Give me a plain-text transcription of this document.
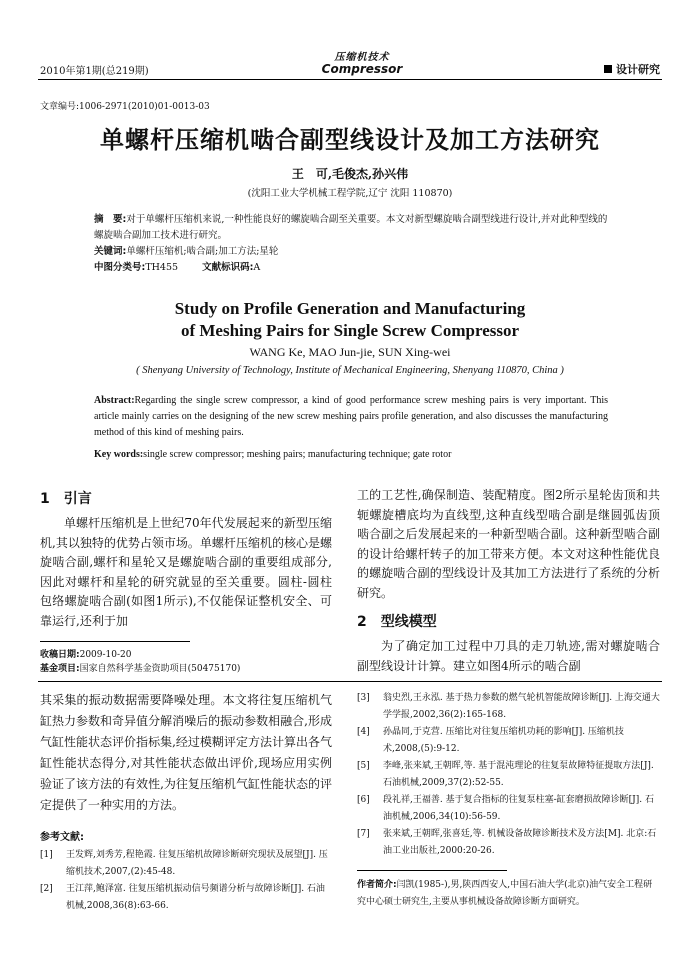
2010年第1期(总219期)
压缩机技术
Compressor	设计研究
文章编号:1006-2971(2010)01-0013-03
单螺杆压缩机啮合副型线设计及加工方法研究
王　可,毛俊杰,孙兴伟
(沈阳工业大学机械工程学院,辽宁 沈阳 110870)
摘　要:对于单螺杆压缩机来说,一种性能良好的螺旋啮合副至关重要。本文对新型螺旋啮合副型线进行设计,并对此种型线的螺旋啮合副加工技术进行研究。
关键词:单螺杆压缩机;啮合副;加工方法;星轮
中图分类号:TH455	文献标识码:A
Study on Profile Generation and Manufacturing
of Meshing Pairs for Single Screw Compressor
WANG Ke, MAO Jun-jie, SUN Xing-wei
( Shenyang University of Technology, Institute of Mechanical Engineering, Shenyang 110870, China )
Abstract:Regarding the single screw compressor, a kind of good performance screw meshing pairs is very important. This article mainly carries on the designing of the new screw meshing pairs profile generation, and also discusses the manufacturing method of this kind of meshing pairs.
Key words:single screw compressor; meshing pairs; manufacturing technique; gate rotor
1　引言
单螺杆压缩机是上世纪70年代发展起来的新型压缩机,其以独特的优势占领市场。单螺杆压缩机的核心是螺旋啮合副,螺杆和星轮又是螺旋啮合副的重要组成部分,因此对螺杆和星轮的研究就显的至关重要。圆柱-圆柱包络螺旋啮合副(如图1所示),不仅能保证整机安全、可靠运行,还利于加
收稿日期:2009-10-20
基金项目:国家自然科学基金资助项目(50475170)
工的工艺性,确保制造、装配精度。图2所示星轮齿顶和共轭螺旋槽底均为直线型,这种直线型啮合副是继圆弧齿顶啮合副之后发展起来的一种新型啮合副。这种新型啮合副的设计给螺杆转子的加工带来方便。本文对这种性能优良的螺旋啮合副的型线设计及其加工方法进行了系统的分析研究。
2　型线模型
为了确定加工过程中刀具的走刀轨迹,需对螺旋啮合副型线设计计算。建立如图4所示的啮合副
其采集的振动数据需要降噪处理。本文将往复压缩机气缸热力参数和奇异值分解消噪后的振动参数相融合,形成气缸性能状态评价指标集,经过模糊评定方法计算出各气缸性能状态得分,对其性能状态做出评价,现场应用实例验证了该方法的有效性,为往复压缩机气缸性能状态的评定提供了一种实用的方法。
参考文献:
[1]	王发辉,刘秀芳,程艳霞. 往复压缩机故障诊断研究现状及展望[J]. 压缩机技术,2007,(2):45-48.
[2]	王江萍,鲍泽富. 往复压缩机振动信号频谱分析与故障诊断[J]. 石油机械,2008,36(8):63-66.
[3]	翁史烈,王永泓. 基于热力参数的燃气轮机智能故障诊断[J]. 上海交通大学学报,2002,36(2):165-168.
[4]	孙晶同,于克营. 压缩比对往复压缩机功耗的影响[J]. 压缩机技术,2008,(5):9-12.
[5]	李峰,张来斌,王朝晖,等. 基于混沌理论的往复泵故障特征提取方法[J]. 石油机械,2009,37(2):52-55.
[6]	段礼祥,王福善. 基于复合指标的往复泵柱塞-缸套磨损故障诊断[J]. 石油机械,2006,34(10):56-59.
[7]	张来斌,王朝晖,张喜廷,等. 机械设备故障诊断技术及方法[M]. 北京:石油工业出版社,2000:20-26.
作者简介:闫凯(1985-),男,陕西西安人,中国石油大学(北京)油气安全工程研究中心硕士研究生,主要从事机械设备故障诊断方面研究。
